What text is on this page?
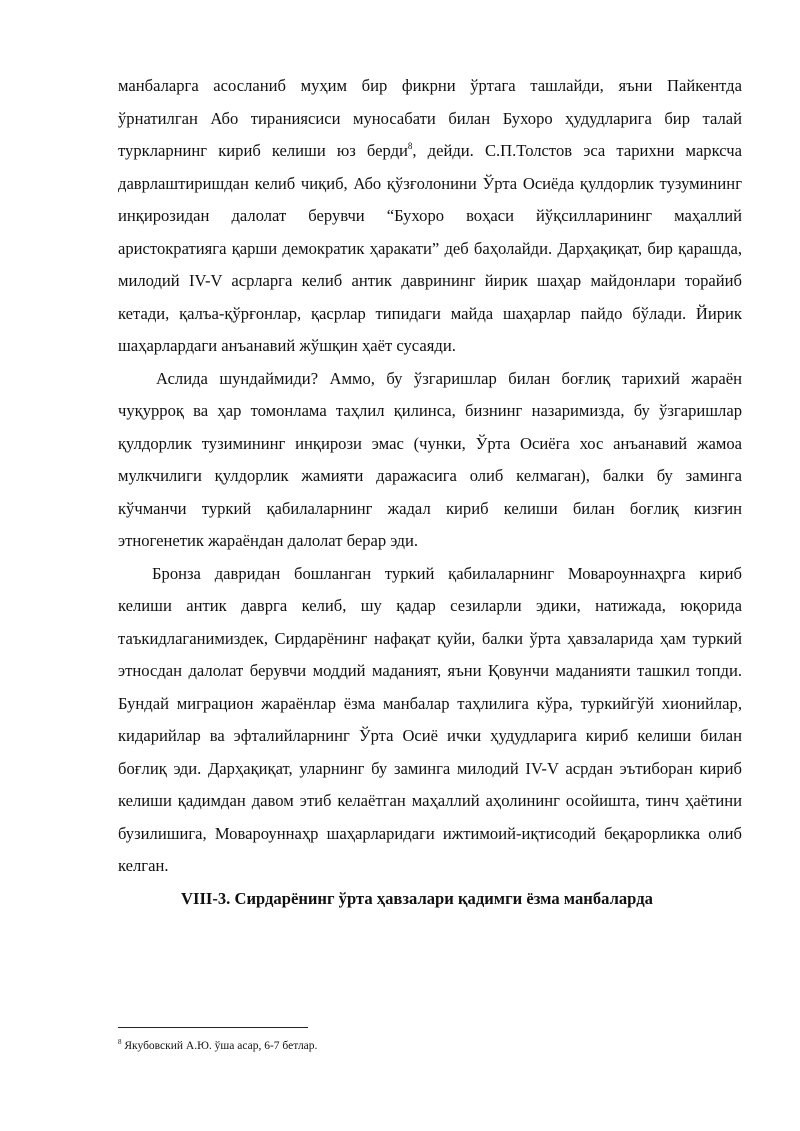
манбаларга асосланиб муҳим бир фикрни ўртага ташлайди, яъни Пайкентда ўрнатилган Або тираниясиси муносабати билан Бухоро ҳудудларига бир талай туркларнинг кириб келиши юз берди$^8$, дейди. С.П.Толстов эса тарихни марксча даврлаштиришдан келиб чиқиб, Або қўзғолонини Ўрта Осиёда қулдорлик тузумининг инқирозидан далолат берувчи “Бухоро воҳаси йўқсилларининг маҳаллий аристократияга қарши демократик ҳаракати” деб баҳолайди. Дарҳақиқат, бир қарашда, милодий IV-V асрларга келиб антик даврининг йирик шаҳар майдонлари торайиб кетади, қалъа-қўрғонлар, қасрлар типидаги майда шаҳарлар пайдо бўлади. Йирик шаҳарлардаги анъанавий жўшқин ҳаёт сусаяди.

Аслида шундаймиди? Аммо, бу ўзгаришлар билан боғлиқ тарихий жараён чуқурроқ ва ҳар томонлама таҳлил қилинса, бизнинг назаримизда, бу ўзгаришлар қулдорлик тузимининг инқирози эмас (чунки, Ўрта Осиёга хос анъанавий жамоа мулкчилиги қулдорлик жамияти даражасига олиб келмаган), балки бу заминга кўчманчи туркий қабилаларнинг жадал кириб келиши билан боғлиқ кизғин этногенетик жараёндан далолат берар эди.

Бронза давридан бошланган туркий қабилаларнинг Мовароуннаҳрга кириб келиши антик даврга келиб, шу қадар сезиларли эдики, натижада, юқорида таъкидлаганимиздек, Сирдарёнинг нафақат қуйи, балки ўрта ҳавзаларида ҳам туркий этносдан далолат берувчи моддий маданият, яъни Қовунчи маданияти ташкил топди. Бундай миграцион жараёнлар ёзма манбалар таҳлилига кўра, туркийгўй хионийлар, кидарийлар ва эфталийларнинг Ўрта Осиё ички ҳудудларига кириб келиши билан боғлиқ эди. Дарҳақиқат, уларнинг бу заминга милодий IV-V асрдан эътиборан кириб келиши қадимдан давом этиб келаётган маҳаллий аҳолининг осойишта, тинч ҳаётини бузилишига, Мовароуннаҳр шаҳарларидаги ижтимоий-иқтисодий беқарорликка олиб келган.

VIII-3. Сирдарёнинг ўрта ҳавзалари қадимги ёзма манбаларда

$^8$ Якубовский А.Ю. ўша асар, 6-7 бетлар.
